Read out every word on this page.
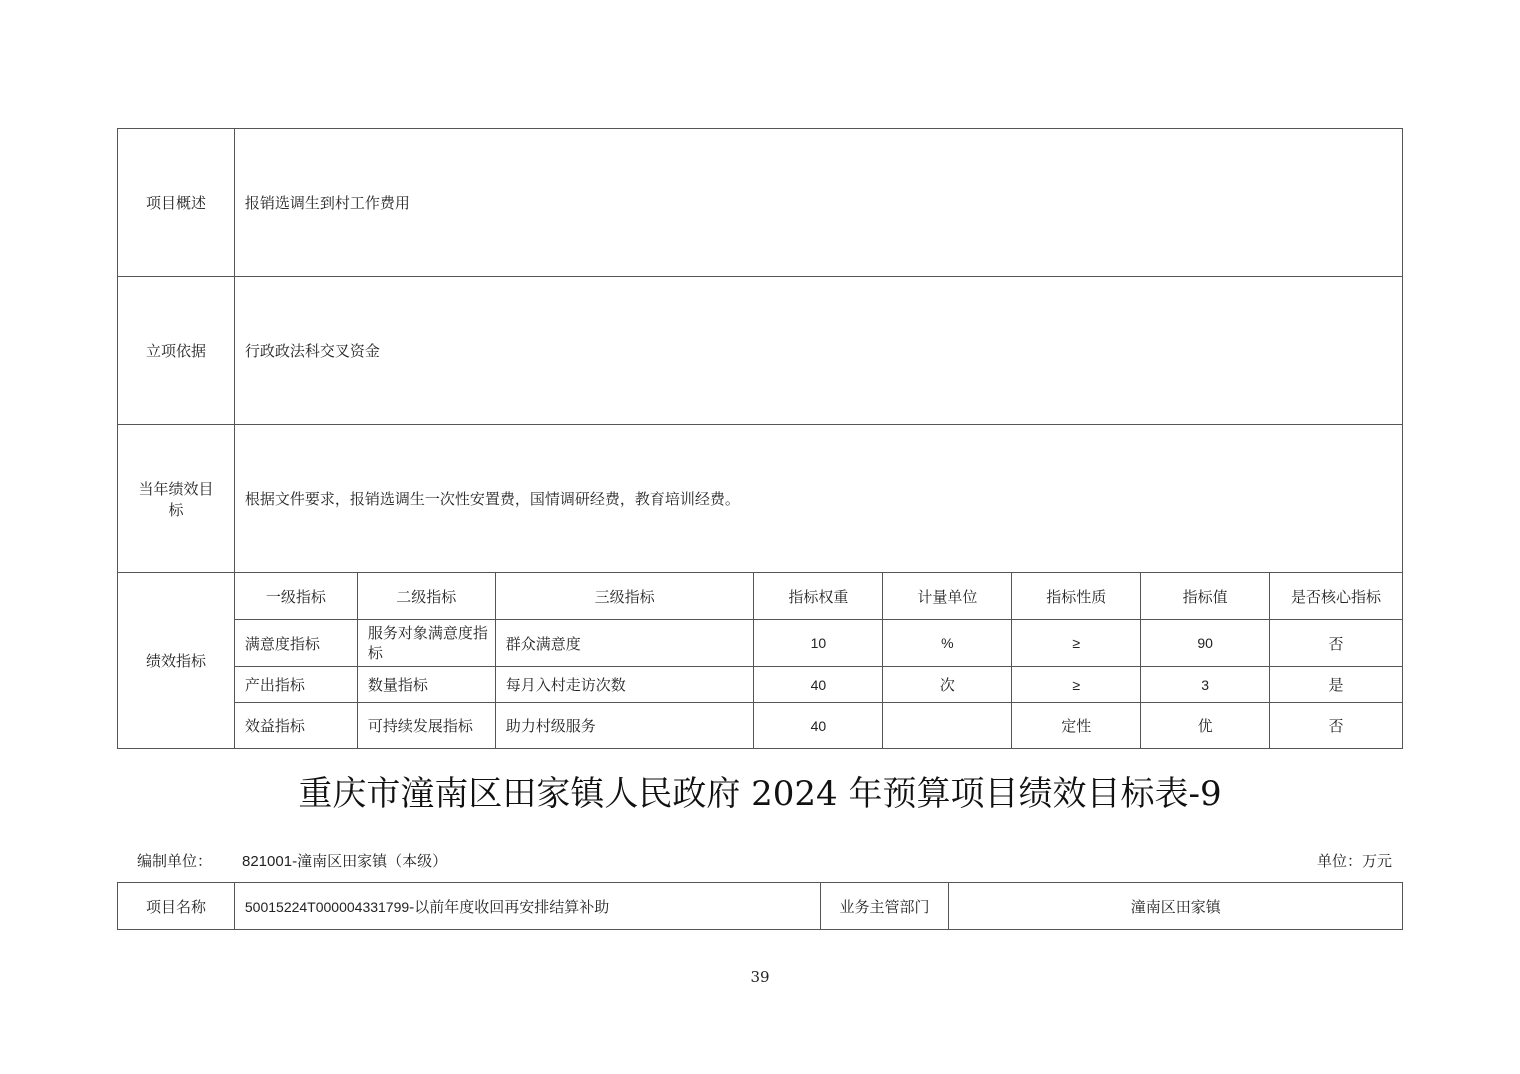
项目概述	报销选调生到村工作费用							
立项依据	行政政法科交叉资金							

当年绩效目
标	根据文件要求，报销选调生一次性安置费，国情调研经费，教育培训经费。							
绩效指标	一级指标	二级指标	三级指标	指标权重	计量单位	指标性质	指标值	是否核心指标
	满意度指标	服务对象满意度指标	群众满意度	10	%	≥	90	否
	产出指标	数量指标	每月入村走访次数	40	次	≥	3	是
	效益指标	可持续发展指标	助力村级服务	40		定性	优	否
重庆市潼南区田家镇人民政府 2024 年预算项目绩效目标表-9
编制单位： 821001-潼南区田家镇（本级）	单位：万元
项目名称	50015224T000004331799-以前年度收回再安排结算补助	业务主管部门	潼南区田家镇
39
